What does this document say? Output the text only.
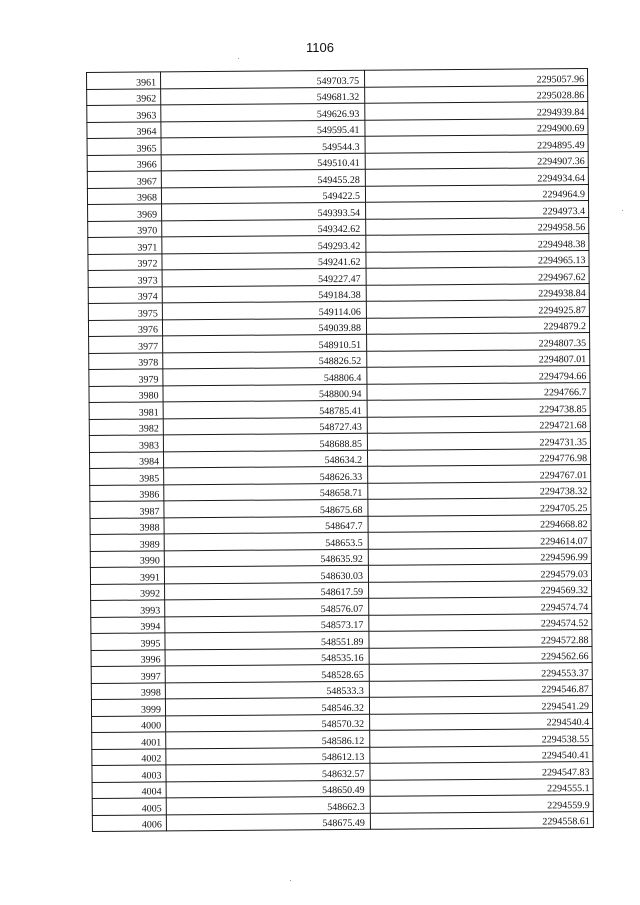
1106
3961	549703.75	2295057.96
3962	549681.32	2295028.86
3963	549626.93	2294939.84
3964	549595.41	2294900.69
3965	549544.3	2294895.49
3966	549510.41	2294907.36
3967	549455.28	2294934.64
3968	549422.5	2294964.9
3969	549393.54	2294973.4
3970	549342.62	2294958.56
3971	549293.42	2294948.38
3972	549241.62	2294965.13
3973	549227.47	2294967.62
3974	549184.38	2294938.84
3975	549114.06	2294925.87
3976	549039.88	2294879.2
3977	548910.51	2294807.35
3978	548826.52	2294807.01
3979	548806.4	2294794.66
3980	548800.94	2294766.7
3981	548785.41	2294738.85
3982	548727.43	2294721.68
3983	548688.85	2294731.35
3984	548634.2	2294776.98
3985	548626.33	2294767.01
3986	548658.71	2294738.32
3987	548675.68	2294705.25
3988	548647.7	2294668.82
3989	548653.5	2294614.07
3990	548635.92	2294596.99
3991	548630.03	2294579.03
3992	548617.59	2294569.32
3993	548576.07	2294574.74
3994	548573.17	2294574.52
3995	548551.89	2294572.88
3996	548535.16	2294562.66
3997	548528.65	2294553.37
3998	548533.3	2294546.87
3999	548546.32	2294541.29
4000	548570.32	2294540.4
4001	548586.12	2294538.55
4002	548612.13	2294540.41
4003	548632.57	2294547.83
4004	548650.49	2294555.1
4005	548662.3	2294559.9
4006	548675.49	2294558.61
